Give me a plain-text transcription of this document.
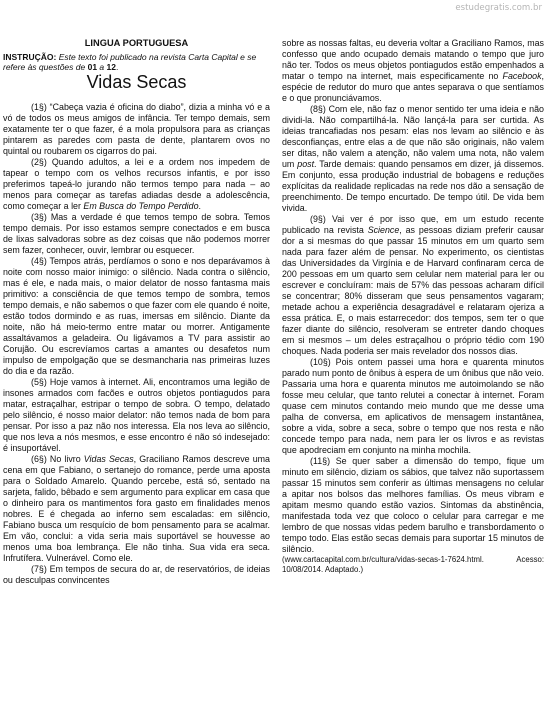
estudegratis.com.br
LINGUA PORTUGUESA

INSTRUÇÃO: Este texto foi publicado na revista Carta Capital e se refere às questões de 01 a 12.

Vidas Secas

(1§) “Cabeça vazia é oficina do diabo”, dizia a minha vó e a vó de todos os meus amigos de infância. Ter tempo demais, sem exatamente ter o que fazer, é a mola propulsora para as crianças pintarem as paredes com pasta de dente, plantarem ovos no quintal ou roubarem os cigarros do pai.

(2§) Quando adultos, a lei e a ordem nos impedem de tapear o tempo com os velhos recursos infantis, e por isso preferimos tapeá-lo jurando não termos tempo para nada – ao menos para começar as tarefas adiadas desde a adolescência, como começar a ler Em Busca do Tempo Perdido.

(3§) Mas a verdade é que temos tempo de sobra. Temos tempo demais. Por isso estamos sempre conectados e em busca de lixas salvadoras sobre as dez coisas que não podemos morrer sem fazer, conhecer, ouvir, lembrar ou esquecer.

(4§) Tempos atrás, perdíamos o sono e nos deparávamos à noite com nosso maior inimigo: o silêncio. Nada contra o silêncio, mas é ele, e nada mais, o maior delator de nosso fantasma mais primitivo: a consciência de que temos tempo de sombra, temos tempo demais, e não sabemos o que fazer com ele quando é noite, estão todos dormindo e as ruas, imersas em silêncio. Diante da noite, não há meio-termo entre matar ou morrer. Antigamente assaltávamos a geladeira. Ou ligávamos a TV para assistir ao Corujão. Ou escrevíamos cartas a amantes ou desafetos num impulso de empolgação que se desmancharia nas primeiras luzes do dia e da razão.

(5§) Hoje vamos à internet. Ali, encontramos uma legião de insones armados com facões e outros objetos pontiagudos para matar, estraçalhar, estripar o tempo de sobra. O tempo, delatado pelo silêncio, é nosso maior delator: não temos nada de bom para pensar. Por isso a paz não nos interessa. Ela nos leva ao silêncio, que nos leva a nós mesmos, e esse encontro é não só indesejado: é insuportável.

(6§) No livro Vidas Secas, Graciliano Ramos descreve uma cena em que Fabiano, o sertanejo do romance, perde uma aposta para o Soldado Amarelo. Quando percebe, está só, sentado na sarjeta, falido, bêbado e sem argumento para explicar em casa que o dinheiro para os mantimentos fora gasto em finalidades menos nobres. E é chegada ao inferno sem escaladas: em silêncio, Fabiano busca um resquício de bom pensamento para se acalmar. Em vão, conclui: a vida seria mais suportável se houvesse ao menos uma boa lembrança. Ele não tinha. Sua vida era seca. Infrutífera. Vulnerável. Como ele.

(7§) Em tempos de secura do ar, de reservatórios, de ideias ou desculpas convincentes

sobre as nossas faltas, eu deveria voltar a Graciliano Ramos, mas confesso que ando ocupado demais matando o tempo que juro não ter. Todos os meus objetos pontiagudos estão empenhados a matar o tempo na internet, mais especificamente no Facebook, espécie de redutor do muro que antes separava o que sentíamos e o que pronunciávamos.

(8§) Com ele, não faz o menor sentido ter uma ideia e não dividi-la. Não compartilhá-la. Não lançá-la para ser curtida. As ideias trancafiadas nos pesam: elas nos levam ao silêncio e às desconfianças, entre elas a de que não são originais, não valem ser ditas, não valem a atenção, não valem uma nota, não valem um post. Tarde demais: quando pensamos em dizer, já dissemos. Em conjunto, essa produção industrial de bobagens e reduções explícitas da realidade replicadas na rede nos dão a sensação de preenchimento. De tempo encurtado. De tempo útil. De vida bem vivida.

(9§) Vai ver é por isso que, em um estudo recente publicado na revista Science, as pessoas diziam preferir causar dor a si mesmas do que passar 15 minutos em um quarto sem nada para fazer além de pensar. No experimento, os cientistas das Universidades da Virgínia e de Harvard confinaram cerca de 200 pessoas em um quarto sem celular nem material para ler ou escrever e concluíram: mais de 57% das pessoas acharam difícil se concentrar; 80% disseram que seus pensamentos vagaram; metade achou a experiência desagradável e relataram ojeriza a essa prática. E, o mais estarrecedor: dos tempos, sem ter o que fazer diante do silêncio, resolveram se entreter dando choques em si mesmos – um deles estraçalhou o próprio tédio com 190 choques. Nada poderia ser mais revelador dos nossos dias.

(10§) Pois ontem passei uma hora e quarenta minutos parado num ponto de ônibus à espera de um ônibus que não veio. Passaria uma hora e quarenta minutos me autoimolando se não fosse meu celular, que tanto relutei a conectar à internet. Foram quase cem minutos contando meio mundo que me desse uma palha de conversa, em aplicativos de mensagem instantânea, sobre a vida, sobre a seca, sobre o tempo que nos resta e não concede tempo para nada, nem para ler os livros e as revistas que apodreciam em conjunto na minha mochila.

(11§) Se quer saber a dimensão do tempo, fique um minuto em silêncio, diziam os sábios, que talvez não suportassem passar 15 minutos sem conferir as últimas mensagens no celular a apitar nos bolsos das melhores famílias. Os meus vibram e apitam mesmo quando estão vazios. Sintomas da abstinência, manifestada toda vez que coloco o celular para carregar e me lembro de que nossas vidas pedem barulho e transbordamento o tempo todo. Elas estão secas demais para suportar 15 minutos de silêncio.

(www.cartacapital.com.br/cultura/vidas-secas-1-7624.html. Acesso: 10/08/2014. Adaptado.)
